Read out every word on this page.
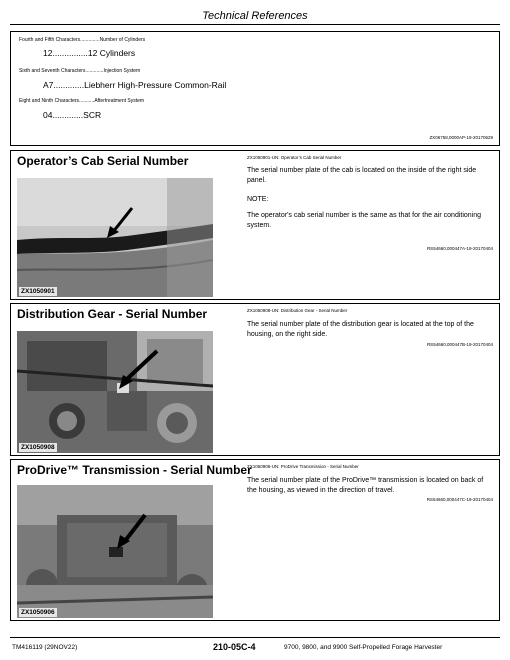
Technical References
Fourth and Fifth Characters..............Number of Cylinders
12...............12 Cylinders
Sixth and Seventh Characters.............Injection System
A7.............Liebherr High-Pressure Common-Rail
Eight and Ninth Characters...........Aftertreatment System
04.............SCR
ZX06758,0000AP-19-20170629
Operator’s Cab Serial Number
ZX1050901
ZX1050901-UN: Operator’s Cab Serial Number
The serial number plate of the cab is located on the inside of the right side panel.
NOTE:
The operator's cab serial number is the same as that for the air conditioning system.
RS54660,000447A-19-20170404
Distribution Gear - Serial Number
ZX1050908
ZX1050908-UN: Distribution Gear - Serial Number
The serial number plate of the distribution gear is located at the top of the housing, on the right side.
RS54660,000447B-19-20170404
ProDrive™ Transmission - Serial Number
ZX1050906
ZX1050906-UN: ProDrive Transmission - Serial Number
The serial number plate of the ProDrive™ transmission is located on back of the housing, as viewed in the direction of travel.
RS54660,000447C-19-20170404
TM416119 (29NOV22)	210-05C-4	9700, 9800, and 9900 Self-Propelled Forage Harvester
